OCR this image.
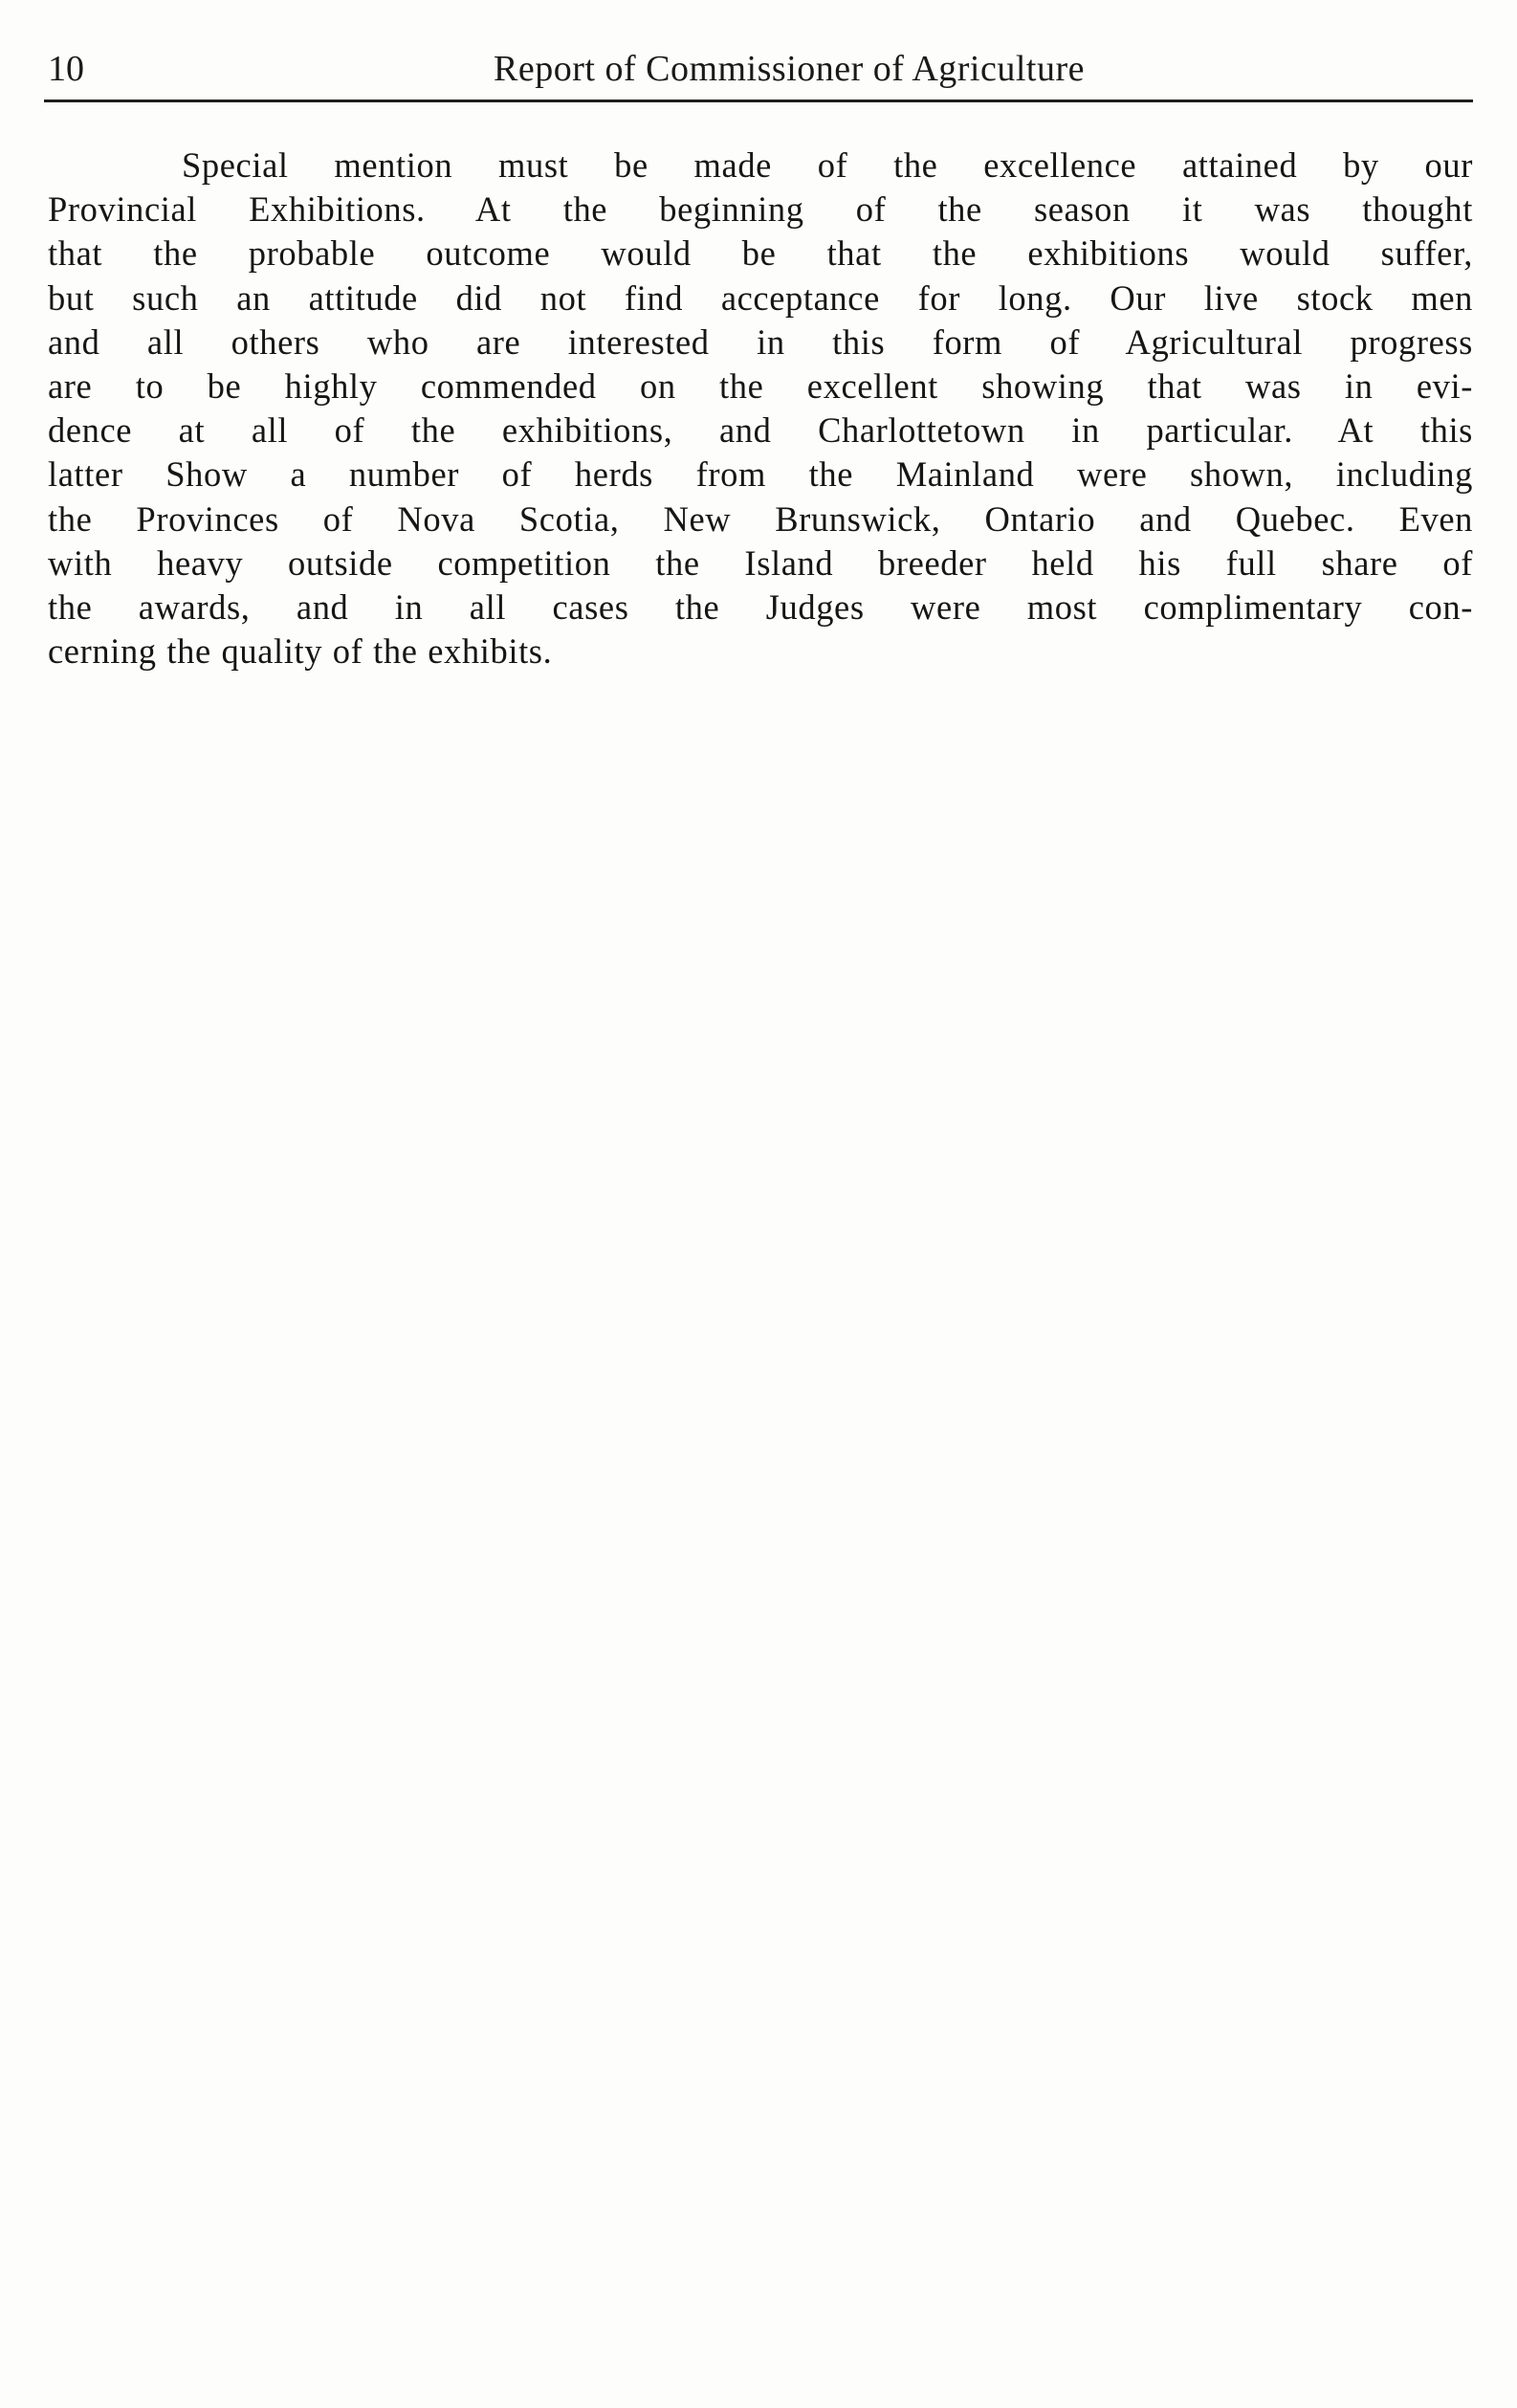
10	Report of Commissioner of Agriculture
Special mention must be made of the excellence attained by our
Provincial Exhibitions. At the beginning of the season it was thought
that the probable outcome would be that the exhibitions would suffer,
but such an attitude did not find acceptance for long. Our live stock men
and all others who are interested in this form of Agricultural progress
are to be highly commended on the excellent showing that was in evi-
dence at all of the exhibitions, and Charlottetown in particular. At this
latter Show a number of herds from the Mainland were shown, including
the Provinces of Nova Scotia, New Brunswick, Ontario and Quebec. Even
with heavy outside competition the Island breeder held his full share of
the awards, and in all cases the Judges were most complimentary con-
cerning the quality of the exhibits.
